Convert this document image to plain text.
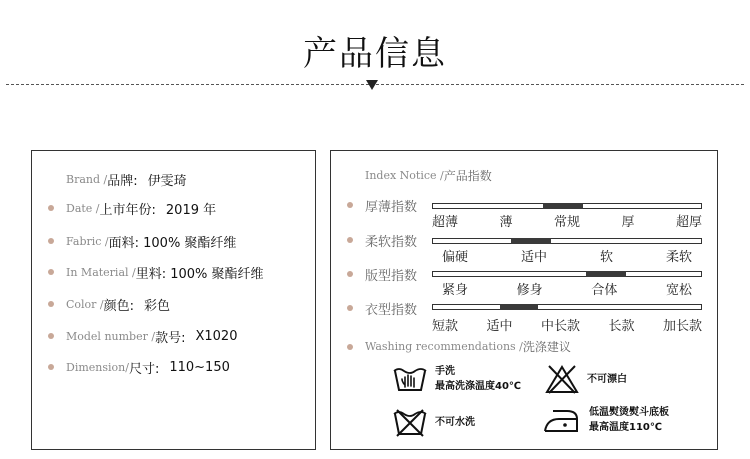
产品信息
Brand / 品牌: 伊雯琦
Date / 上市年份: 2019 年
Fabric / 面料: 100% 聚酯纤维
In Material / 里料: 100% 聚酯纤维
Color / 颜色: 彩色
Model number / 款号: X1020
Dimension/ 尺寸: 110~150
Index Notice / 产品指数
厚薄指数
超薄	薄	常规	厚	超厚
柔软指数
偏硬	适中	软	柔软
版型指数
紧身	修身	合体	宽松
衣型指数
短款 适中 中长款 长款 加长款
Washing recommendations / 洗涤建议
手洗
最高洗涤温度40℃
不可漂白
不可水洗
低温熨烫熨斗底板
最高温度110℃
